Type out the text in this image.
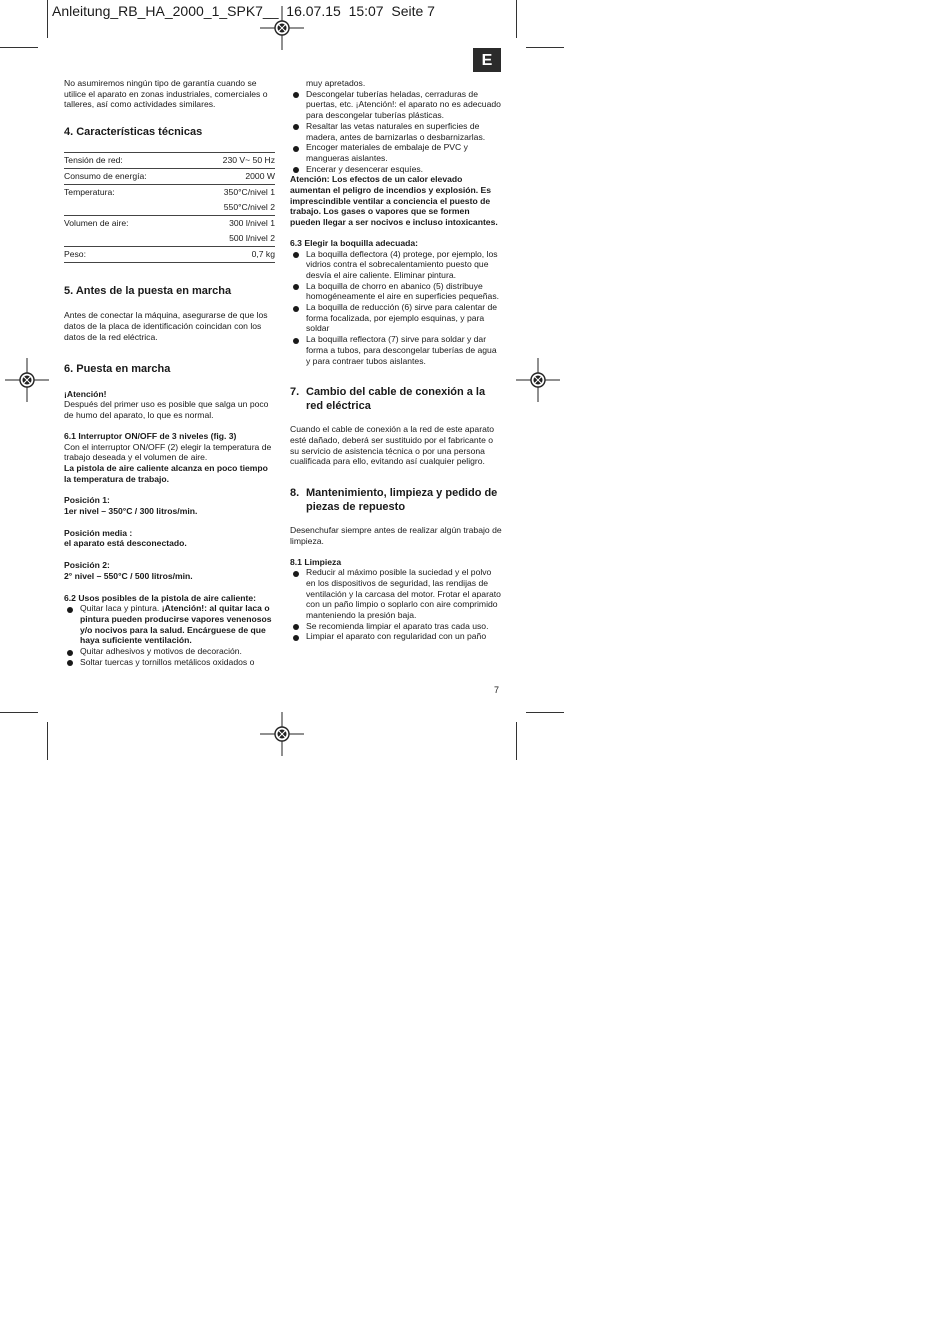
Anleitung_RB_HA_2000_1_SPK7__  16.07.15  15:07  Seite 7
E

No asumiremos ningún tipo de garantía cuando se utilice el aparato en zonas industriales, comerciales o talleres, así como actividades similares.

4. Características técnicas
Tensión de red:	230 V~ 50 Hz
Consumo de energía:	2000 W
Temperatura:	350°C/nivel 1
	550°C/nivel 2
Volumen de aire:	300 l/nivel 1
	500 l/nivel 2
Peso:	0,7 kg
5. Antes de la puesta en marcha

Antes de conectar la máquina, asegurarse de que los datos de la placa de identificación coincidan con los datos de la red eléctrica.

6. Puesta en marcha

¡Atención!

Después del primer uso es posible que salga un poco de humo del aparato, lo que es normal.

6.1 Interruptor ON/OFF de 3 niveles (fig. 3)

Con el interruptor ON/OFF (2) elegir la temperatura de trabajo deseada y el volumen de aire.

La pistola de aire caliente alcanza en poco tiempo la temperatura de trabajo.

Posición 1:

1er nivel – 350°C / 300 litros/min.

Posición media :

el aparato está desconectado.

Posición 2:

2° nivel – 550°C / 500 litros/min.

6.2 Usos posibles de la pistola de aire caliente:

Quitar laca y pintura. ¡Atención!: al quitar laca o pintura pueden producirse vapores venenosos y/o nocivos para la salud. Encárguese de que haya suficiente ventilación.
Quitar adhesivos y motivos de decoración.
Soltar tuercas y tornillos metálicos oxidados o

muy apretados.

Descongelar tuberías heladas, cerraduras de puertas, etc. ¡Atención!: el aparato no es adecuado para descongelar tuberías plásticas.
Resaltar las vetas naturales en superficies de madera, antes de barnizarlas o desbarnizarlas.
Encoger materiales de embalaje de PVC y mangueras aislantes.
Encerar y desencerar esquíes.

Atención: Los efectos de un calor elevado aumentan el peligro de incendios y explosión. Es imprescindible ventilar a conciencia el puesto de trabajo. Los gases o vapores que se formen pueden llegar a ser nocivos e incluso intoxicantes.

6.3 Elegir la boquilla adecuada:

La boquilla deflectora (4) protege, por ejemplo, los vidrios contra el sobrecalentamiento puesto que desvía el aire caliente. Eliminar pintura.
La boquilla de chorro en abanico (5) distribuye homogéneamente el aire en superficies pequeñas.
La boquilla de reducción (6) sirve para calentar de forma focalizada, por ejemplo esquinas, y para soldar
La boquilla reflectora (7) sirve para soldar y dar forma a tubos, para descongelar tuberías de agua y para contraer tubos aislantes.
7. Cambio del cable de conexión a la red eléctrica

Cuando el cable de conexión a la red de este aparato esté dañado, deberá ser sustituido por el fabricante o su servicio de asistencia técnica o por una persona cualificada para ello, evitando así cualquier peligro.

8. Mantenimiento, limpieza y pedido de piezas de repuesto

Desenchufar siempre antes de realizar algún trabajo de limpieza.

8.1 Limpieza

Reducir al máximo posible la suciedad y el polvo en los dispositivos de seguridad, las rendijas de ventilación y la carcasa del motor. Frotar el aparato con un paño limpio o soplarlo con aire comprimido manteniendo la presión baja.
Se recomienda limpiar el aparato tras cada uso.
Limpiar el aparato con regularidad con un paño
7
